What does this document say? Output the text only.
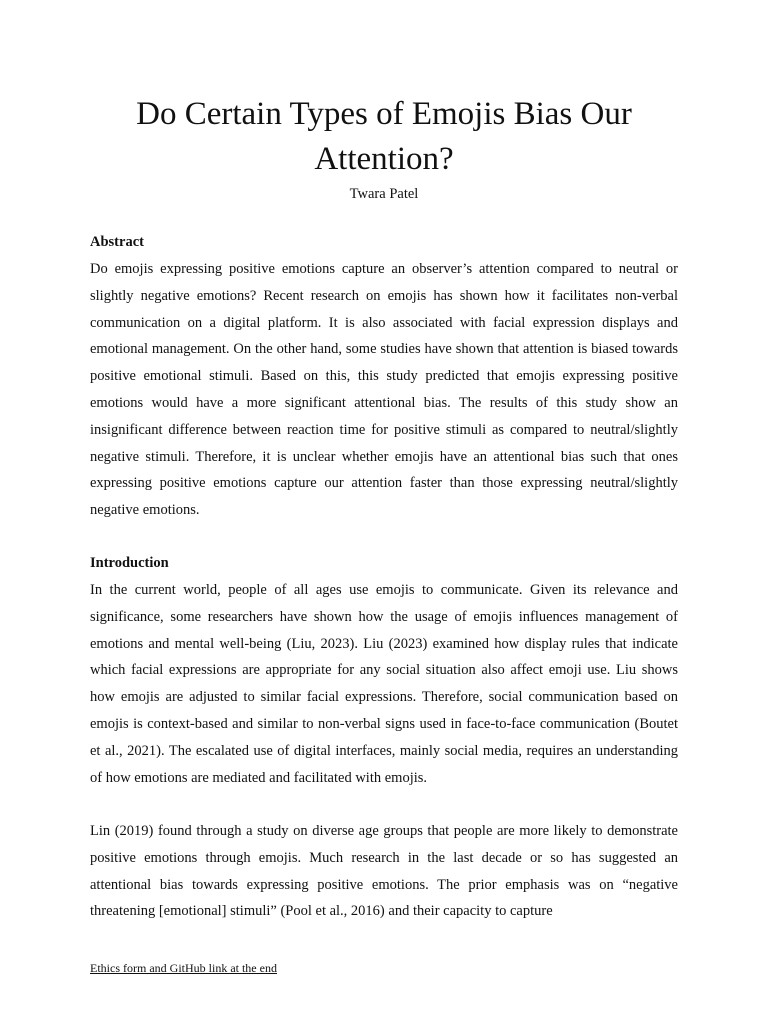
Do Certain Types of Emojis Bias Our Attention?

Twara Patel

Abstract

Do emojis expressing positive emotions capture an observer’s attention compared to neutral or slightly negative emotions? Recent research on emojis has shown how it facilitates non-verbal communication on a digital platform. It is also associated with facial expression displays and emotional management. On the other hand, some studies have shown that attention is biased towards positive emotional stimuli. Based on this, this study predicted that emojis expressing positive emotions would have a more significant attentional bias. The results of this study show an insignificant difference between reaction time for positive stimuli as compared to neutral/slightly negative stimuli. Therefore, it is unclear whether emojis have an attentional bias such that ones expressing positive emotions capture our attention faster than those expressing neutral/slightly negative emotions.

Introduction

In the current world, people of all ages use emojis to communicate. Given its relevance and significance, some researchers have shown how the usage of emojis influences management of emotions and mental well-being (Liu, 2023). Liu (2023) examined how display rules that indicate which facial expressions are appropriate for any social situation also affect emoji use. Liu shows how emojis are adjusted to similar facial expressions. Therefore, social communication based on emojis is context-based and similar to non-verbal signs used in face-to-face communication (Boutet et al., 2021). The escalated use of digital interfaces, mainly social media, requires an understanding of how emotions are mediated and facilitated with emojis.

Lin (2019) found through a study on diverse age groups that people are more likely to demonstrate positive emotions through emojis. Much research in the last decade or so has suggested an attentional bias towards expressing positive emotions. The prior emphasis was on “negative threatening [emotional] stimuli” (Pool et al., 2016) and their capacity to capture

Ethics form and GitHub link at the end
